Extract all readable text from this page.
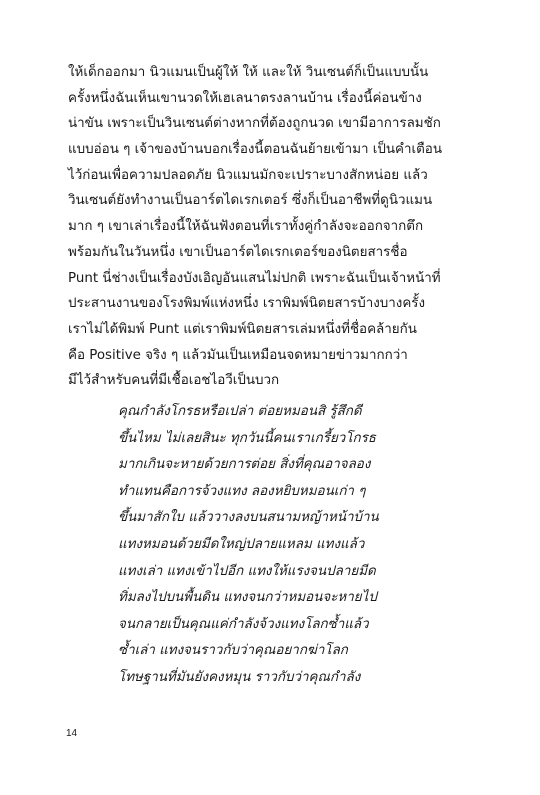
ให้เด็กออกมา นิวแมนเป็นผู้ให้ ให้ และให้ วินเซนต์ก็เป็นแบบนั้น
ครั้งหนึ่งฉันเห็นเขานวดให้เฮเลนาตรงลานบ้าน เรื่องนี้ค่อนข้าง
น่าขัน เพราะเป็นวินเซนต์ต่างหากที่ต้องถูกนวด เขามีอาการลมชัก
แบบอ่อน ๆ เจ้าของบ้านบอกเรื่องนี้ตอนฉันย้ายเข้ามา เป็นคำเตือน
ไว้ก่อนเพื่อความปลอดภัย นิวแมนมักจะเปราะบางสักหน่อย แล้ว
วินเซนต์ยังทำงานเป็นอาร์ตไดเรกเตอร์ ซึ่งก็เป็นอาชีพที่ดูนิวแมน
มาก ๆ เขาเล่าเรื่องนี้ให้ฉันฟังตอนที่เราทั้งคู่กำลังจะออกจากตึก
พร้อมกันในวันหนึ่ง เขาเป็นอาร์ตไดเรกเตอร์ของนิตยสารชื่อ
Punt นี่ช่างเป็นเรื่องบังเอิญอันแสนไม่ปกติ เพราะฉันเป็นเจ้าหน้าที่
ประสานงานของโรงพิมพ์แห่งหนึ่ง เราพิมพ์นิตยสารบ้างบางครั้ง
เราไม่ได้พิมพ์ Punt แต่เราพิมพ์นิตยสารเล่มหนึ่งที่ชื่อคล้ายกัน
คือ Positive จริง ๆ แล้วมันเป็นเหมือนจดหมายข่าวมากกว่า
มีไว้สำหรับคนที่มีเชื้อเอชไอวีเป็นบวก
คุณกำลังโกรธหรือเปล่า ต่อยหมอนสิ รู้สึกดี
ขึ้นไหม ไม่เลยสินะ ทุกวันนี้คนเราเกรี้ยวโกรธ
มากเกินจะหายด้วยการต่อย สิ่งที่คุณอาจลอง
ทำแทนคือการจ้วงแทง ลองหยิบหมอนเก่า ๆ
ขึ้นมาสักใบ แล้ววางลงบนสนามหญ้าหน้าบ้าน
แทงหมอนด้วยมีดใหญ่ปลายแหลม แทงแล้ว
แทงเล่า แทงเข้าไปอีก แทงให้แรงจนปลายมีด
ทิ่มลงไปบนพื้นดิน แทงจนกว่าหมอนจะหายไป
จนกลายเป็นคุณแค่กำลังจ้วงแทงโลกซ้ำแล้ว
ซ้ำเล่า แทงจนราวกับว่าคุณอยากฆ่าโลก
โทษฐานที่มันยังคงหมุน ราวกับว่าคุณกำลัง
14
